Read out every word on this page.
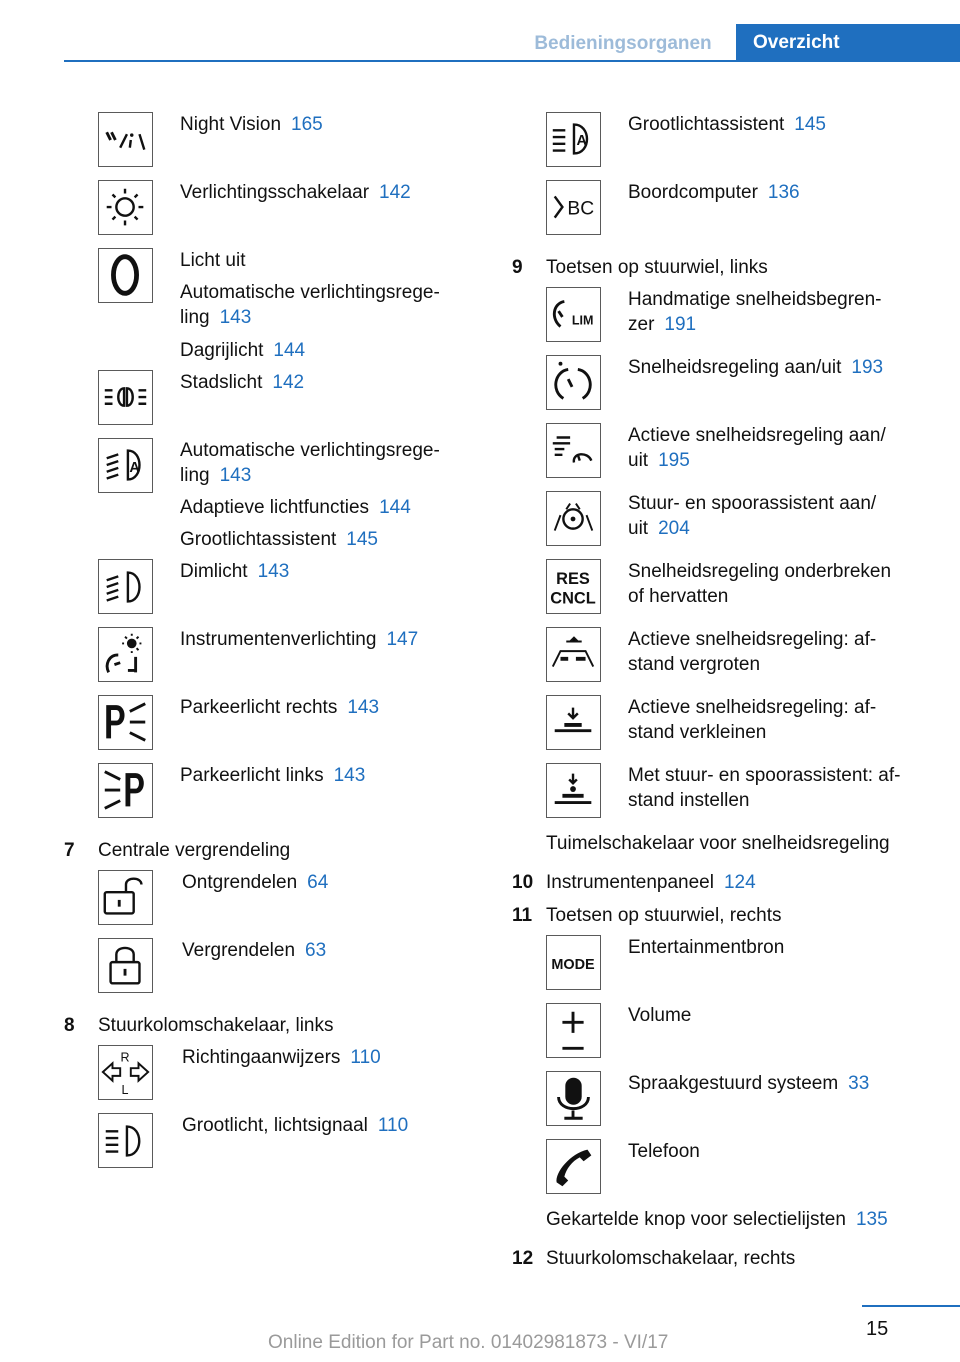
Bedieningsorganen	Overzicht
Night Vision 165
Verlichtingsschakelaar 142
Licht uit
Automatische verlichtingsrege-
ling 143
Dagrijlicht 144
Stadslicht 142
A
Automatische verlichtingsrege-
ling 143
Adaptieve lichtfuncties 144
Grootlichtassistent 145
Dimlicht 143
Instrumentenverlichting 147
Parkeerlicht rechts 143
Parkeerlicht links 143
7 Centrale vergrendeling
Ontgrendelen 64
Vergrendelen 63
8 Stuurkolomschakelaar, links
R
L
Richtingaanwijzers 110
Grootlicht, lichtsignaal 110
A
Grootlichtassistent 145
BC
Boordcomputer 136
9 Toetsen op stuurwiel, links
LIM
Handmatige snelheidsbegren-
zer 191
Snelheidsregeling aan/uit 193
Actieve snelheidsregeling aan/
uit 195
Stuur- en spoorassistent aan/
uit 204
RES
CNCL
Snelheidsregeling onderbreken
of hervatten
Actieve snelheidsregeling: af-
stand vergroten
Actieve snelheidsregeling: af-
stand verkleinen
Met stuur- en spoorassistent: af-
stand instellen
Tuimelschakelaar voor snelheidsregeling
10 Instrumentenpaneel 124
11 Toetsen op stuurwiel, rechts
MODE
Entertainmentbron
Volume
Spraakgestuurd systeem 33
Telefoon
Gekartelde knop voor selectielijsten 135
12 Stuurkolomschakelaar, rechts
15
Online Edition for Part no. 01402981873 - VI/17
